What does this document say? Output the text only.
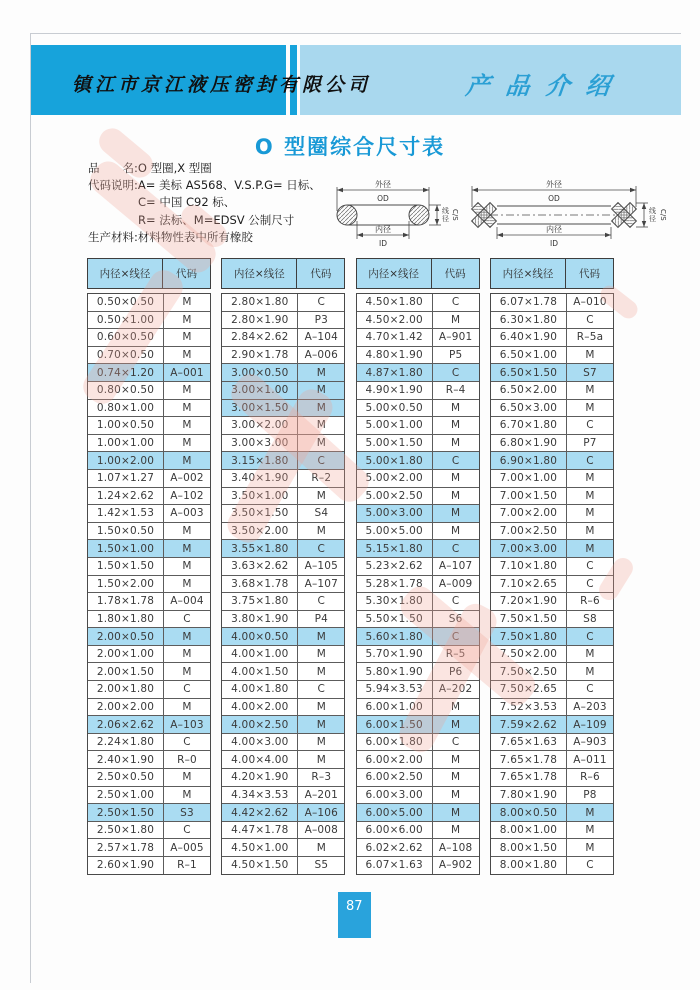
镇江市京江液压密封有限公司	产品介绍
O 型圈综合尺寸表
品　　名:O 型圈,X 型圈
代码说明:A= 美标 AS568、V.S.P.G= 日标、
C= 中国 C92 标、
R= 法标、M=EDSV 公制尺寸
生产材料:材料物性表中所有橡胶
外径
OD
内径
ID
线
径 C/S
外径
OD
内径
ID
线
径 C/S
内径×线径	代码
0.50×0.50	M
0.50×1.00	M
0.60×0.50	M
0.70×0.50	M
0.74×1.20	A–001
0.80×0.50	M
0.80×1.00	M
1.00×0.50	M
1.00×1.00	M
1.00×2.00	M
1.07×1.27	A–002
1.24×2.62	A–102
1.42×1.53	A–003
1.50×0.50	M
1.50×1.00	M
1.50×1.50	M
1.50×2.00	M
1.78×1.78	A–004
1.80×1.80	C
2.00×0.50	M
2.00×1.00	M
2.00×1.50	M
2.00×1.80	C
2.00×2.00	M
2.06×2.62	A–103
2.24×1.80	C
2.40×1.90	R–0
2.50×0.50	M
2.50×1.00	M
2.50×1.50	S3
2.50×1.80	C
2.57×1.78	A–005
2.60×1.90	R–1
内径×线径	代码
2.80×1.80	C
2.80×1.90	P3
2.84×2.62	A–104
2.90×1.78	A–006
3.00×0.50	M
3.00×1.00	M
3.00×1.50	M
3.00×2.00	M
3.00×3.00	M
3.15×1.80	C
3.40×1.90	R–2
3.50×1.00	M
3.50×1.50	S4
3.50×2.00	M
3.55×1.80	C
3.63×2.62	A–105
3.68×1.78	A–107
3.75×1.80	C
3.80×1.90	P4
4.00×0.50	M
4.00×1.00	M
4.00×1.50	M
4.00×1.80	C
4.00×2.00	M
4.00×2.50	M
4.00×3.00	M
4.00×4.00	M
4.20×1.90	R–3
4.34×3.53	A–201
4.42×2.62	A–106
4.47×1.78	A–008
4.50×1.00	M
4.50×1.50	S5
内径×线径	代码
4.50×1.80	C
4.50×2.00	M
4.70×1.42	A–901
4.80×1.90	P5
4.87×1.80	C
4.90×1.90	R–4
5.00×0.50	M
5.00×1.00	M
5.00×1.50	M
5.00×1.80	C
5.00×2.00	M
5.00×2.50	M
5.00×3.00	M
5.00×5.00	M
5.15×1.80	C
5.23×2.62	A–107
5.28×1.78	A–009
5.30×1.80	C
5.50×1.50	S6
5.60×1.80	C
5.70×1.90	R–5
5.80×1.90	P6
5.94×3.53	A–202
6.00×1.00	M
6.00×1.50	M
6.00×1.80	C
6.00×2.00	M
6.00×2.50	M
6.00×3.00	M
6.00×5.00	M
6.00×6.00	M
6.02×2.62	A–108
6.07×1.63	A–902
内径×线径	代码
6.07×1.78	A–010
6.30×1.80	C
6.40×1.90	R–5a
6.50×1.00	M
6.50×1.50	S7
6.50×2.00	M
6.50×3.00	M
6.70×1.80	C
6.80×1.90	P7
6.90×1.80	C
7.00×1.00	M
7.00×1.50	M
7.00×2.00	M
7.00×2.50	M
7.00×3.00	M
7.10×1.80	C
7.10×2.65	C
7.20×1.90	R–6
7.50×1.50	S8
7.50×1.80	C
7.50×2.00	M
7.50×2.50	M
7.50×2.65	C
7.52×3.53	A–203
7.59×2.62	A–109
7.65×1.63	A–903
7.65×1.78	A–011
7.65×1.78	R–6
7.80×1.90	P8
8.00×0.50	M
8.00×1.00	M
8.00×1.50	M
8.00×1.80	C
87
